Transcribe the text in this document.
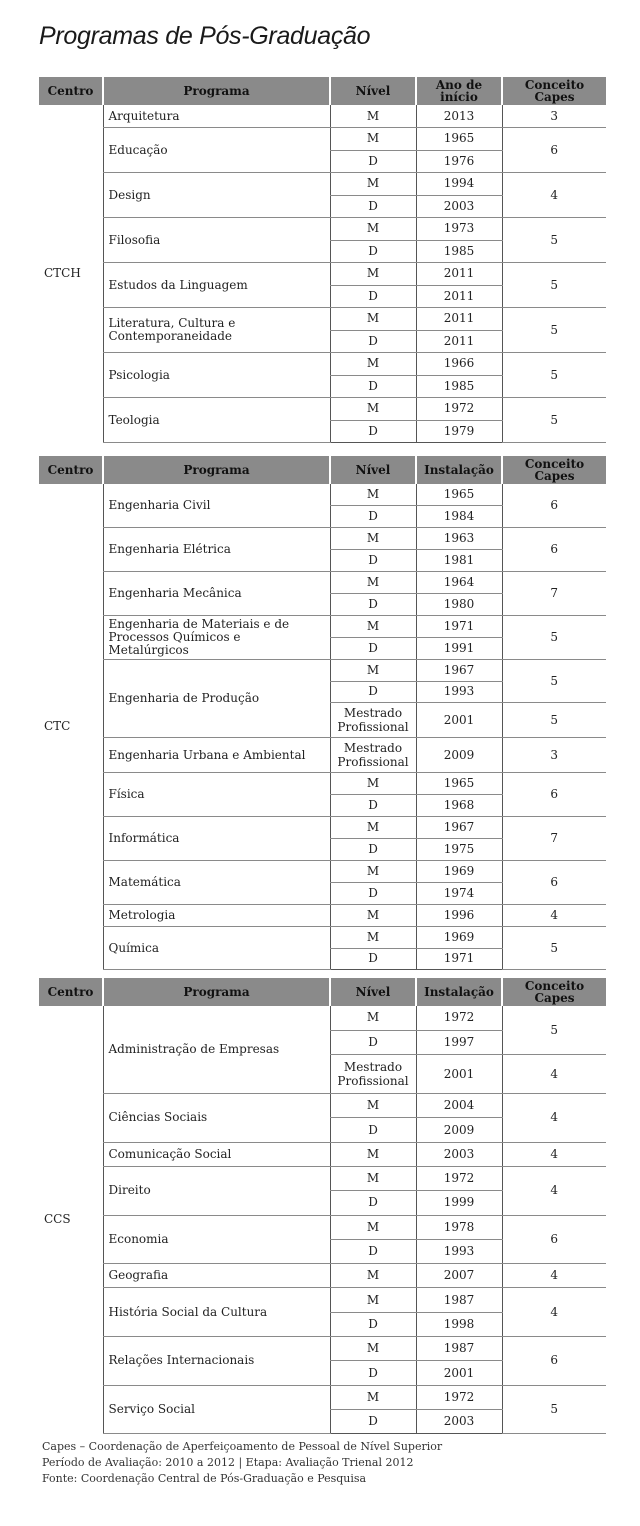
Programas de Pós-Graduação
Centro	Programa	Nível	Ano de início	Conceito Capes
CTCH	Arquitetura	M	2013	3
	Educação	M	1965	6
		D	1976	
	Design	M	1994	4
		D	2003	
	Filosofia	M	1973	5
		D	1985	
	Estudos da Linguagem	M	2011	5
		D	2011	
	Literatura, Cultura e Contemporaneidade	M	2011	5
		D	2011	
	Psicologia	M	1966	5
		D	1985	
	Teologia	M	1972	5
		D	1979	
Centro	Programa	Nível	Instalação	Conceito Capes
CTC	Engenharia Civil	M	1965	6
		D	1984	
	Engenharia Elétrica	M	1963	6
		D	1981	
	Engenharia Mecânica	M	1964	7
		D	1980	
	Engenharia de Materiais e de Processos Químicos e Metalúrgicos	M	1971	5
		D	1991	
	Engenharia de Produção	M	1967	5
		D	1993	
		Mestrado Profissional	2001	5
	Engenharia Urbana e Ambiental	Mestrado Profissional	2009	3
	Física	M	1965	6
		D	1968	
	Informática	M	1967	7
		D	1975	
	Matemática	M	1969	6
		D	1974	
	Metrologia	M	1996	4
	Química	M	1969	5
		D	1971	
Centro	Programa	Nível	Instalação	Conceito Capes
CCS	Administração de Empresas	M	1972	5
		D	1997	
		Mestrado Profissional	2001	4
	Ciências Sociais	M	2004	4
		D	2009	
	Comunicação Social	M	2003	4
	Direito	M	1972	4
		D	1999	
	Economia	M	1978	6
		D	1993	
	Geografia	M	2007	4
	História Social da Cultura	M	1987	4
		D	1998	
	Relações Internacionais	M	1987	6
		D	2001	
	Serviço Social	M	1972	5
		D	2003	
Capes – Coordenação de Aperfeiçoamento de Pessoal de Nível Superior
Período de Avaliação: 2010 a 2012 | Etapa: Avaliação Trienal 2012
Fonte: Coordenação Central de Pós-Graduação e Pesquisa
